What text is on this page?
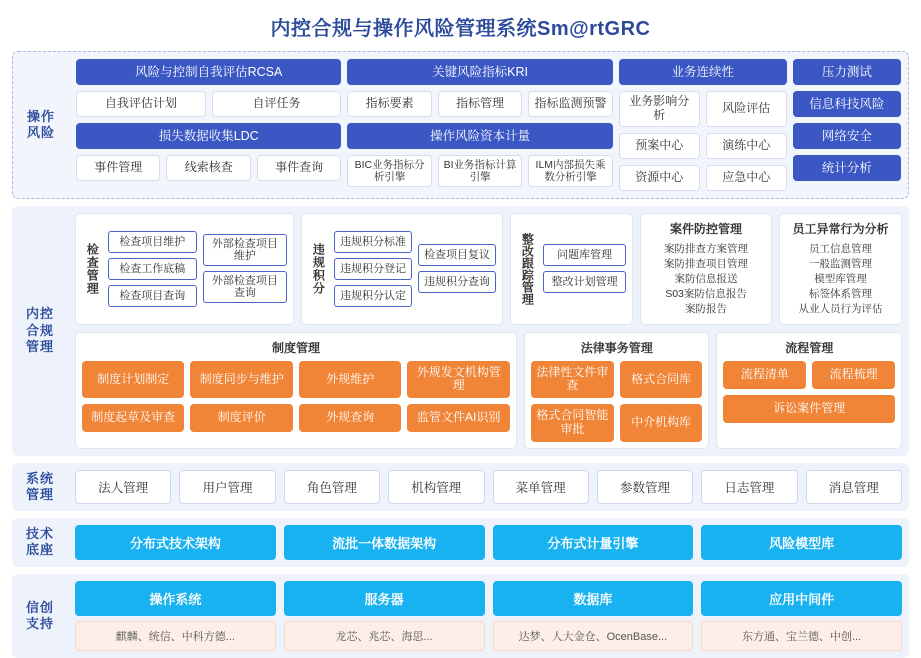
内控合规与操作风险管理系统Sm@rtGRC
操作
风险
风险与控制自我评估RCSA
自我评估计划	自评任务
损失数据收集LDC
事件管理	线索核查	事件查询
关键风险指标KRI
指标要素	指标管理	指标监测预警
操作风险资本计量
BIC业务指标分析引擎
BI业务指标计算引擎
ILM内部损失乘数分析引擎
业务连续性
业务影响分析	风险评估
预案中心	演练中心
资源中心	应急中心
压力测试
信息科技风险
网络安全
统计分析
内控
合规
管理
检查管理
检查项目维护
检查工作底稿
检查项目查询
外部检查项目维护
外部检查项目查询	违规积分
违规积分标准
违规积分登记
违规积分认定
检查项目复议
违规积分查询	整改跟踪管理	问题库管理
整改计划管理
案件防控管理
案防排查方案管理
案防排查项目管理
案防信息报送
S03案防信息报告
案防报告
员工异常行为分析
员工信息管理
一般监测管理
模型库管理
标签体系管理
从业人员行为评估
制度管理
制度计划制定	制度同步与维护	外规维护	外规发文机构管理
制度起草及审查	制度评价	外规查询	监管文件AI识别
法律事务管理
法律性文件审查	格式合同库
格式合同智能审批	中介机构库
流程管理
流程清单	流程梳理
诉讼案件管理
系统
管理	法人管理	用户管理	角色管理	机构管理	菜单管理	参数管理	日志管理	消息管理
技术
底座	分布式技术架构	流批一体数据架构	分布式计量引擎	风险模型库
信创
支持
操作系统
麒麟、统信、中科方德...
服务器
龙芯、兆芯、海思...
数据库
达梦、人大金仓、OcenBase...
应用中间件
东方通、宝兰德、中创...
